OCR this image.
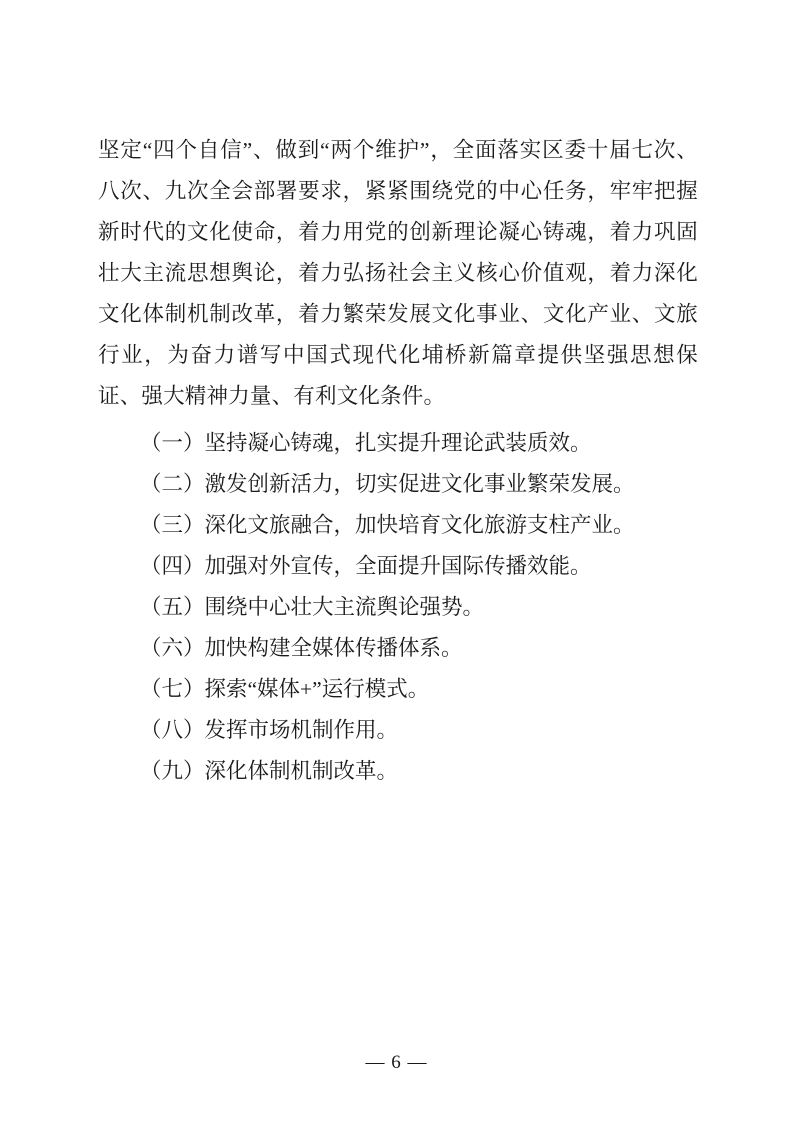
坚定“四个自信”、做到“两个维护”，全面落实区委十届七次、八次、九次全会部署要求，紧紧围绕党的中心任务，牢牢把握新时代的文化使命，着力用党的创新理论凝心铸魂，着力巩固壮大主流思想舆论，着力弘扬社会主义核心价值观，着力深化文化体制机制改革，着力繁荣发展文化事业、文化产业、文旅行业，为奋力谱写中国式现代化埔桥新篇章提供坚强思想保证、强大精神力量、有利文化条件。

（一）坚持凝心铸魂，扎实提升理论武装质效。
（二）激发创新活力，切实促进文化事业繁荣发展。
（三）深化文旅融合，加快培育文化旅游支柱产业。
（四）加强对外宣传，全面提升国际传播效能。
（五）围绕中心壮大主流舆论强势。
（六）加快构建全媒体传播体系。
（七）探索“媒体+”运行模式。
（八）发挥市场机制作用。
（九）深化体制机制改革。
— 6 —
